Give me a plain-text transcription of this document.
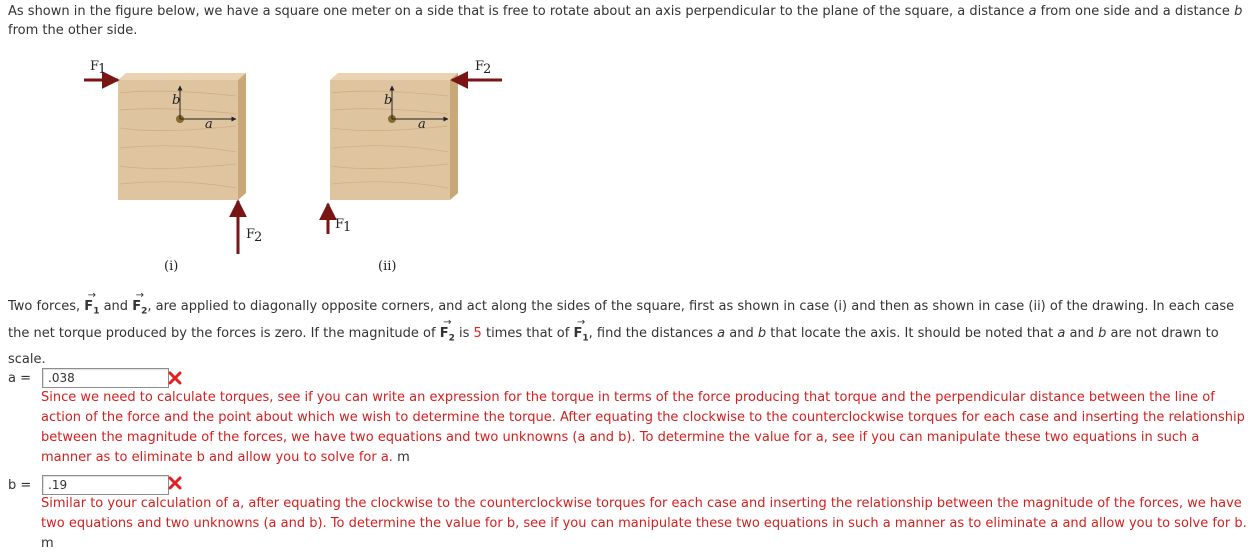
As shown in the figure below, we have a square one meter on a side that is free to rotate about an axis perpendicular to the plane of the square, a distance a from one side and a distance b from the other side.
b
a
F
1
F
2
(i)
b
a
F
2
F
1
(ii)
Two forces, → $F_1$ and → $F_2$, are applied to diagonally opposite corners, and act along the sides of the square, first as shown in case (i) and then as shown in case (ii) of the drawing. In each case the net torque produced by the forces is zero. If the magnitude of → $F_2$ is 5 times that of → $F_1$, find the distances a and b that locate the axis. It should be noted that a and b are not drawn to scale.
a =
.038
Since we need to calculate torques, see if you can write an expression for the torque in terms of the force producing that torque and the perpendicular distance between the line of action of the force and the point about which we wish to determine the torque. After equating the clockwise to the counterclockwise torques for each case and inserting the relationship between the magnitude of the forces, we have two equations and two unknowns (a and b). To determine the value for a, see if you can manipulate these two equations in such a manner as to eliminate b and allow you to solve for a. m
b =
.19
Similar to your calculation of a, after equating the clockwise to the counterclockwise torques for each case and inserting the relationship between the magnitude of the forces, we have two equations and two unknowns (a and b). To determine the value for b, see if you can manipulate these two equations in such a manner as to eliminate a and allow you to solve for b. m
